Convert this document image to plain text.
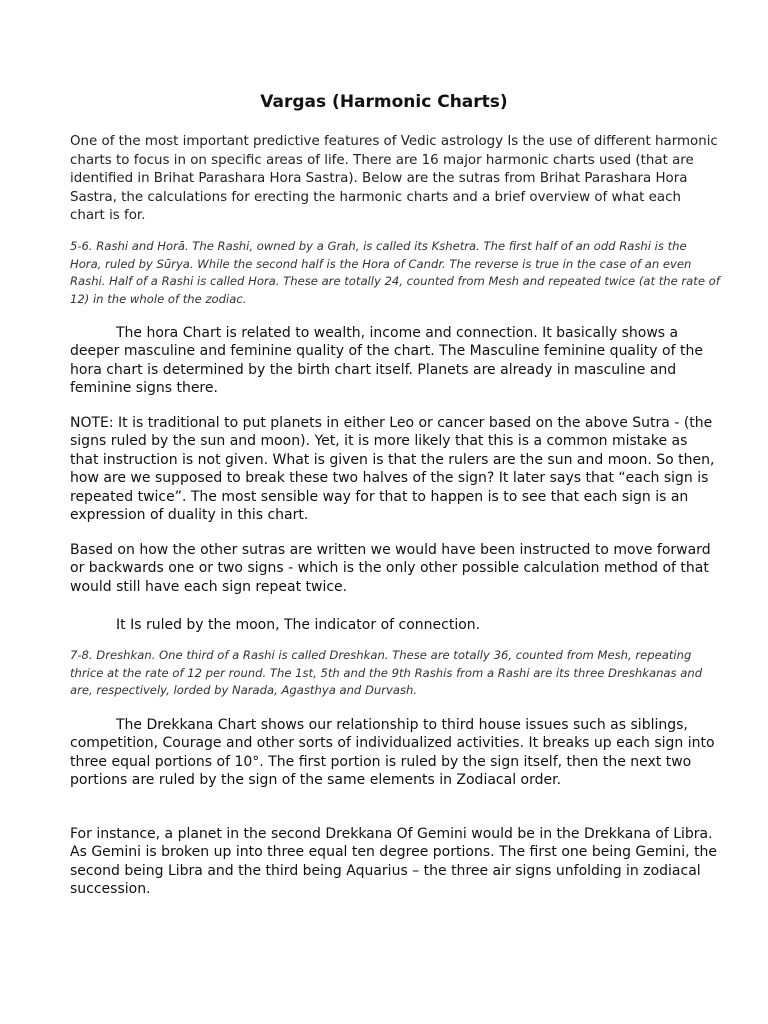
Vargas (Harmonic Charts)

One of the most important predictive features of Vedic astrology Is the use of different harmonic charts to focus in on specific areas of life. There are 16 major harmonic charts used (that are identified in Brihat Parashara Hora Sastra). Below are the sutras from Brihat Parashara Hora Sastra, the calculations for erecting the harmonic charts and a brief overview of what each chart is for.

5-6. Rashi and Horā. The Rashi, owned by a Grah, is called its Kshetra. The first half of an odd Rashi is the Hora, ruled by Sūrya. While the second half is the Hora of Candr. The reverse is true in the case of an even Rashi. Half of a Rashi is called Hora. These are totally 24, counted from Mesh and repeated twice (at the rate of 12) in the whole of the zodiac.

The hora Chart is related to wealth, income and connection. It basically shows a deeper masculine and feminine quality of the chart. The Masculine feminine quality of the hora chart is determined by the birth chart itself. Planets are already in masculine and feminine signs there.

NOTE: It is traditional to put planets in either Leo or cancer based on the above Sutra - (the signs ruled by the sun and moon). Yet, it is more likely that this is a common mistake as that instruction is not given. What is given is that the rulers are the sun and moon. So then, how are we supposed to break these two halves of the sign? It later says that “each sign is repeated twice”. The most sensible way for that to happen is to see that each sign is an expression of duality in this chart.

Based on how the other sutras are written we would have been instructed to move forward or backwards one or two signs - which is the only other possible calculation method of that would still have each sign repeat twice.

It Is ruled by the moon, The indicator of connection.

7-8. Dreshkan. One third of a Rashi is called Dreshkan. These are totally 36, counted from Mesh, repeating thrice at the rate of 12 per round. The 1st, 5th and the 9th Rashis from a Rashi are its three Dreshkanas and are, respectively, lorded by Narada, Agasthya and Durvash.

The Drekkana Chart shows our relationship to third house issues such as siblings, competition, Courage and other sorts of individualized activities. It breaks up each sign into three equal portions of 10°. The first portion is ruled by the sign itself, then the next two portions are ruled by the sign of the same elements in Zodiacal order.

For instance, a planet in the second Drekkana Of Gemini would be in the Drekkana of Libra. As Gemini is broken up into three equal ten degree portions. The first one being Gemini, the second being Libra and the third being Aquarius – the three air signs unfolding in zodiacal succession.
